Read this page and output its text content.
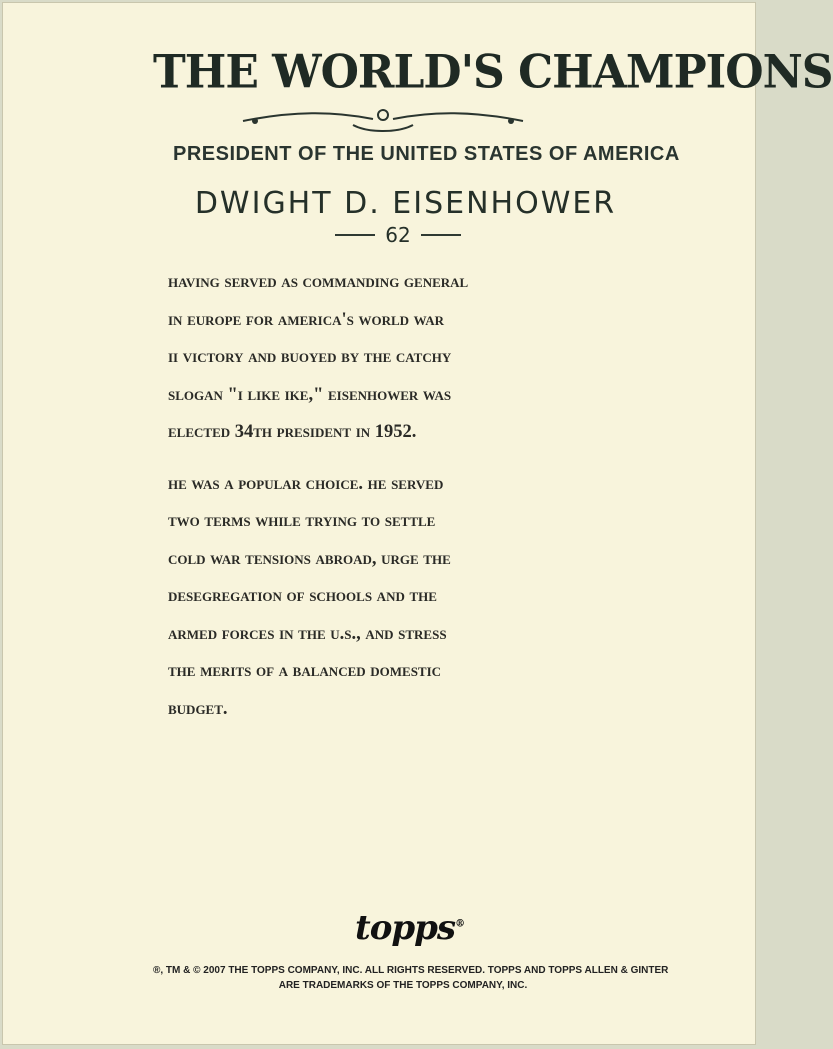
THE WORLD'S CHAMPIONS
PRESIDENT OF THE UNITED STATES OF AMERICA
DWIGHT D. EISENHOWER
62

having served as commanding general
in europe for america's world war
ii victory and buoyed by the catchy
slogan "i like ike," eisenhower was
elected 34th president in 1952.

he was a popular choice. he served
two terms while trying to settle
cold war tensions abroad, urge the
desegregation of schools and the
armed forces in the u.s., and stress
the merits of a balanced domestic
budget.

topps®
®, TM & © 2007 THE TOPPS COMPANY, INC. ALL RIGHTS RESERVED. TOPPS AND TOPPS ALLEN & GINTER
ARE TRADEMARKS OF THE TOPPS COMPANY, INC.
